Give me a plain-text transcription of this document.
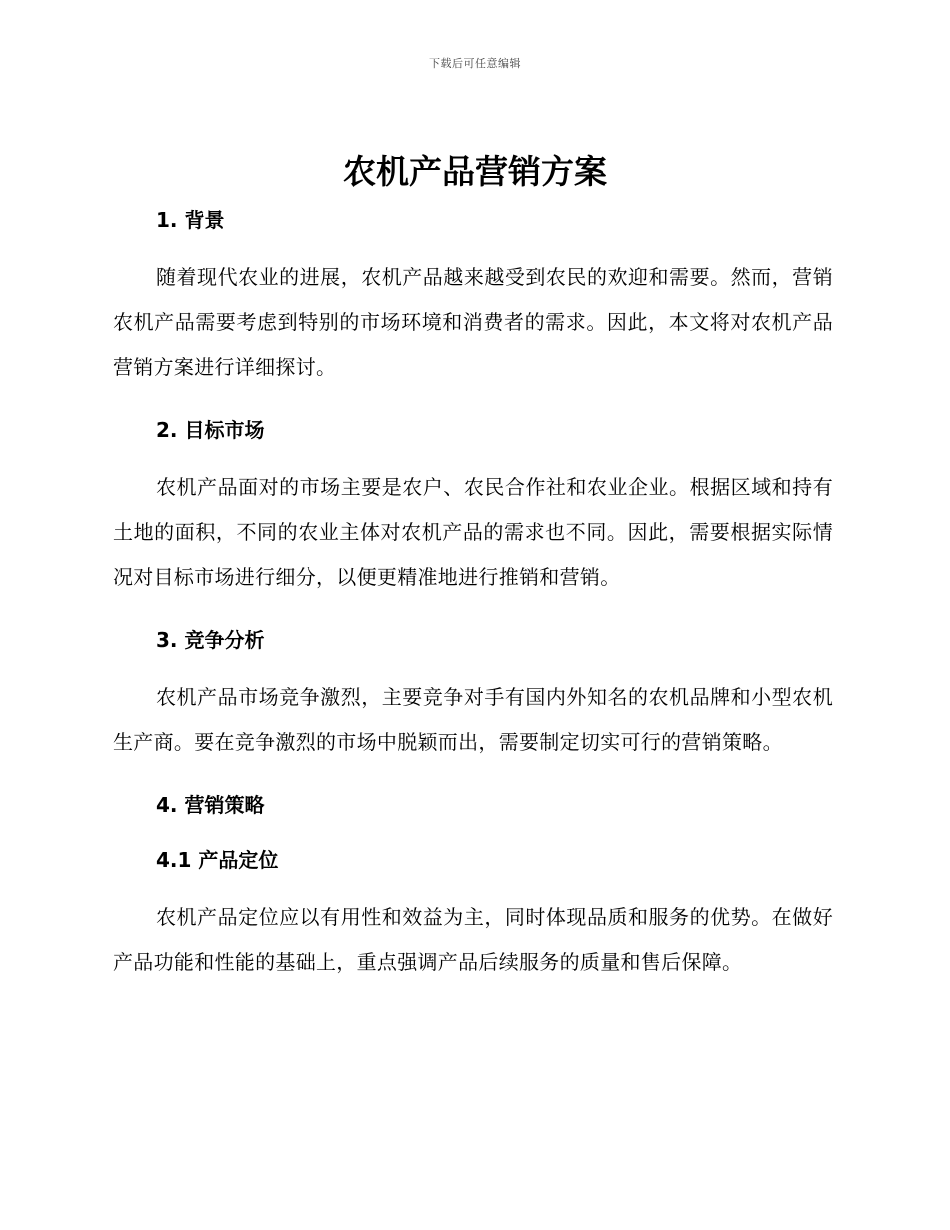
下载后可任意编辑
农机产品营销方案
1. 背景

随着现代农业的进展，农机产品越来越受到农民的欢迎和需要。然而，营销农机产品需要考虑到特别的市场环境和消费者的需求。因此，本文将对农机产品营销方案进行详细探讨。

2. 目标市场

农机产品面对的市场主要是农户、农民合作社和农业企业。根据区域和持有土地的面积，不同的农业主体对农机产品的需求也不同。因此，需要根据实际情况对目标市场进行细分，以便更精准地进行推销和营销。

3. 竞争分析

农机产品市场竞争激烈，主要竞争对手有国内外知名的农机品牌和小型农机生产商。要在竞争激烈的市场中脱颖而出，需要制定切实可行的营销策略。

4. 营销策略
4.1 产品定位

农机产品定位应以有用性和效益为主，同时体现品质和服务的优势。在做好产品功能和性能的基础上，重点强调产品后续服务的质量和售后保障。
